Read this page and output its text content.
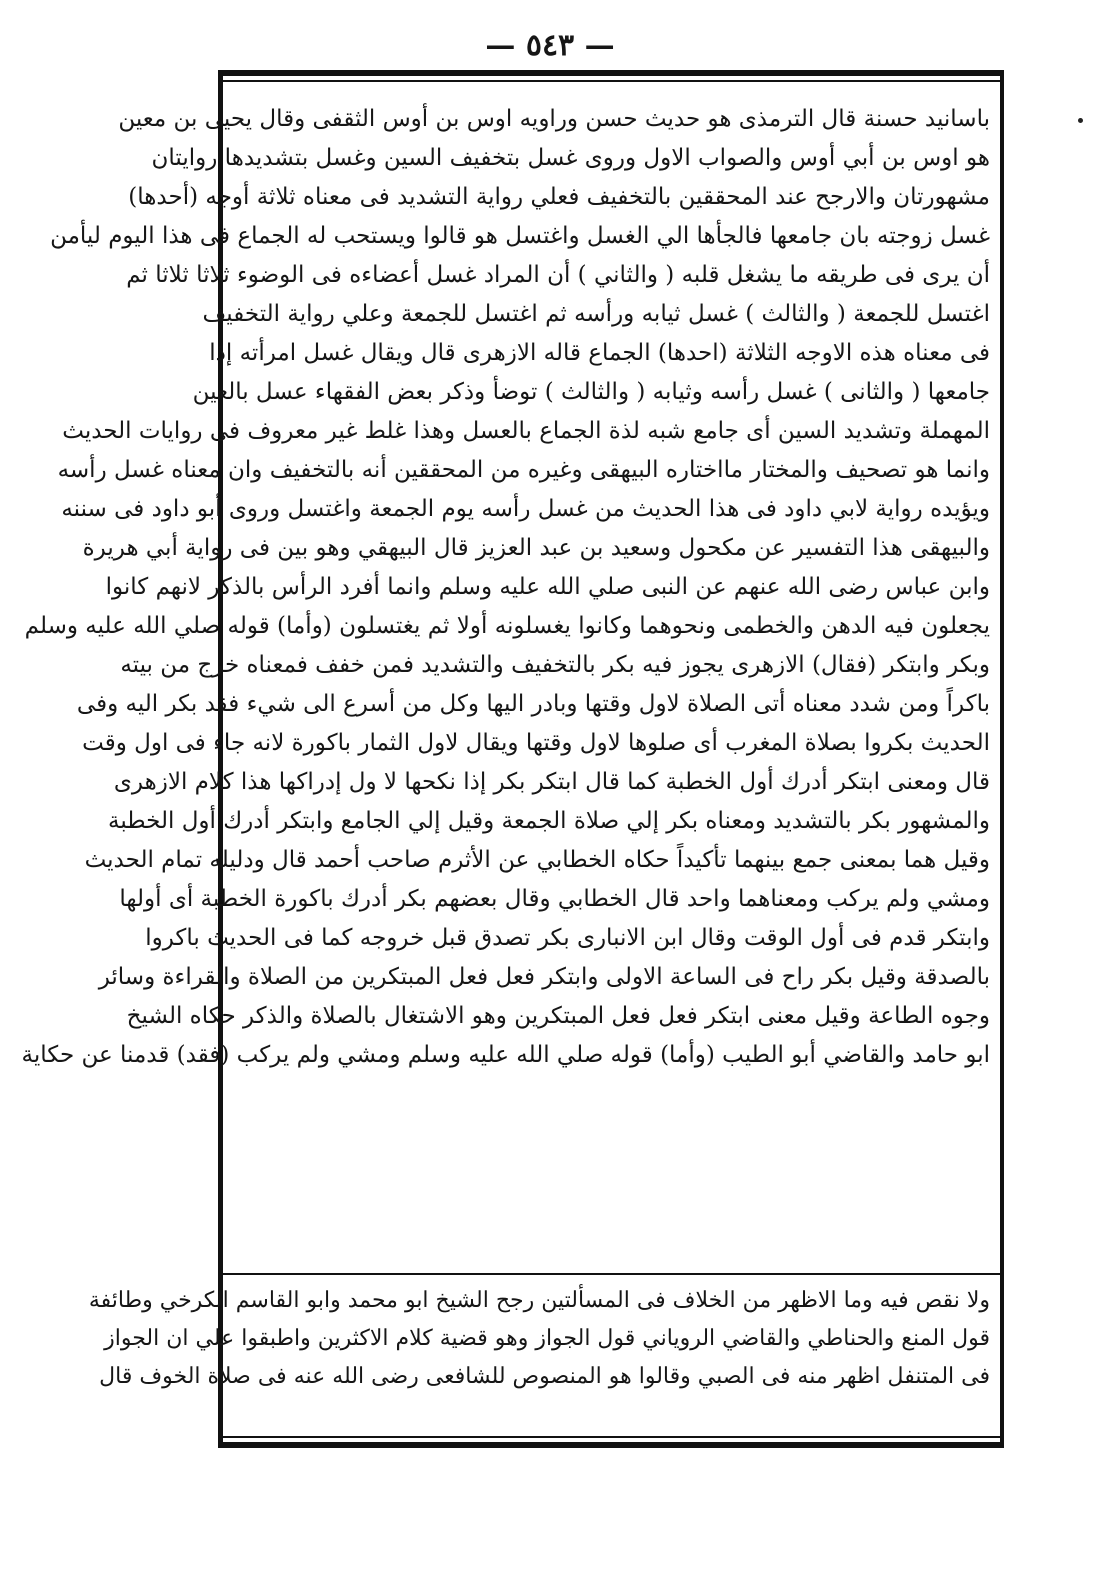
— ٥٤٣ —
باسانيد حسنة قال الترمذى هو حديث حسن وراويه اوس بن أوس الثقفى وقال يحيى بن معين
هو اوس بن أبي أوس والصواب الاول وروى غسل بتخفيف السين وغسل بتشديدها روايتان
مشهورتان والارجح عند المحققين بالتخفيف فعلي رواية التشديد فى معناه ثلاثة أوجه (أحدها)
غسل زوجته بان جامعها فالجأها الي الغسل واغتسل هو قالوا ويستحب له الجماع فى هذا اليوم ليأمن
أن يرى فى طريقه ما يشغل قلبه ( والثاني ) أن المراد غسل أعضاءه فى الوضوء ثلاثا ثلاثا ثم
اغتسل للجمعة ( والثالث ) غسل ثيابه ورأسه ثم اغتسل للجمعة وعلي رواية التخفيف
فى معناه هذه الاوجه الثلاثة (احدها) الجماع قاله الازهرى قال ويقال غسل امرأته إذا
جامعها ( والثانى ) غسل رأسه وثيابه ( والثالث ) توضأ وذكر بعض الفقهاء عسل بالعين
المهملة وتشديد السين أى جامع شبه لذة الجماع بالعسل وهذا غلط غير معروف فى روايات الحديث
وانما هو تصحيف والمختار مااختاره البيهقى وغيره من المحققين أنه بالتخفيف وان معناه غسل رأسه
ويؤيده رواية لابي داود فى هذا الحديث من غسل رأسه يوم الجمعة واغتسل وروى أبو داود فى سننه
والبيهقى هذا التفسير عن مكحول وسعيد بن عبد العزيز قال البيهقي وهو بين فى رواية أبي هريرة
وابن عباس رضى الله عنهم عن النبى صلي الله عليه وسلم وانما أفرد الرأس بالذكر لانهم كانوا
يجعلون فيه الدهن والخطمى ونحوهما وكانوا يغسلونه أولا ثم يغتسلون (وأما) قوله صلي الله عليه وسلم
وبكر وابتكر (فقال) الازهرى يجوز فيه بكر بالتخفيف والتشديد فمن خفف فمعناه خرج من بيته
باكراً ومن شدد معناه أتى الصلاة لاول وقتها وبادر اليها وكل من أسرع الى شيء فقد بكر اليه وفى
الحديث بكروا بصلاة المغرب أى صلوها لاول وقتها ويقال لاول الثمار باكورة لانه جاء فى اول وقت
قال ومعنى ابتكر أدرك أول الخطبة كما قال ابتكر بكر إذا نكحها لا ول إدراكها هذا كلام الازهرى
والمشهور بكر بالتشديد ومعناه بكر إلي صلاة الجمعة وقيل إلي الجامع وابتكر أدرك أول الخطبة
وقيل هما بمعنى جمع بينهما تأكيداً حكاه الخطابي عن الأثرم صاحب أحمد قال ودليله تمام الحديث
ومشي ولم يركب ومعناهما واحد قال الخطابي وقال بعضهم بكر أدرك باكورة الخطبة أى أولها
وابتكر قدم فى أول الوقت وقال ابن الانبارى بكر تصدق قبل خروجه كما فى الحديث باكروا
بالصدقة وقيل بكر راح فى الساعة الاولى وابتكر فعل فعل المبتكرين من الصلاة والقراءة وسائر
وجوه الطاعة وقيل معنى ابتكر فعل فعل المبتكرين وهو الاشتغال بالصلاة والذكر حكاه الشيخ
ابو حامد والقاضي أبو الطيب (وأما) قوله صلي الله عليه وسلم ومشي ولم يركب (فقد) قدمنا عن حكاية
ولا نقص فيه وما الاظهر من الخلاف فى المسألتين رجح الشيخ ابو محمد وابو القاسم الكرخي وطائفة
قول المنع والحناطي والقاضي الروياني قول الجواز وهو قضية كلام الاكثرين واطبقوا علي ان الجواز
فى المتنفل اظهر منه فى الصبي وقالوا هو المنصوص للشافعى رضى الله عنه فى صلاة الخوف قال
